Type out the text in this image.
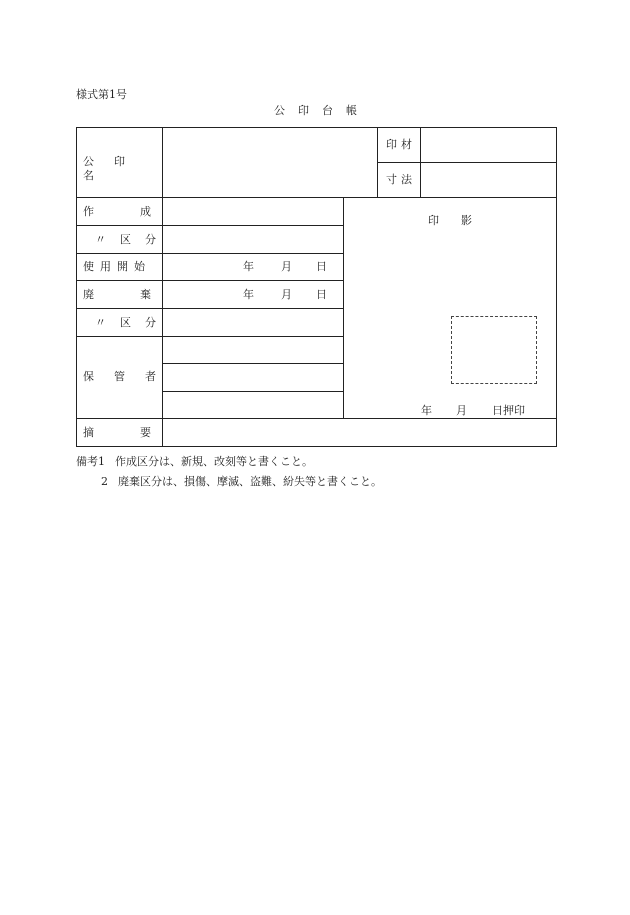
様式第1号
公　印　台　帳
公印名
印材
寸法
作成
〃区分
使用開始
廃棄
〃区分
保管者
摘要
年 月 日
年 月 日
印　　影
年 月 日押印
備考1 作成区分は、新規、改刻等と書くこと。
2 廃棄区分は、損傷、摩滅、盗難、紛失等と書くこと。
